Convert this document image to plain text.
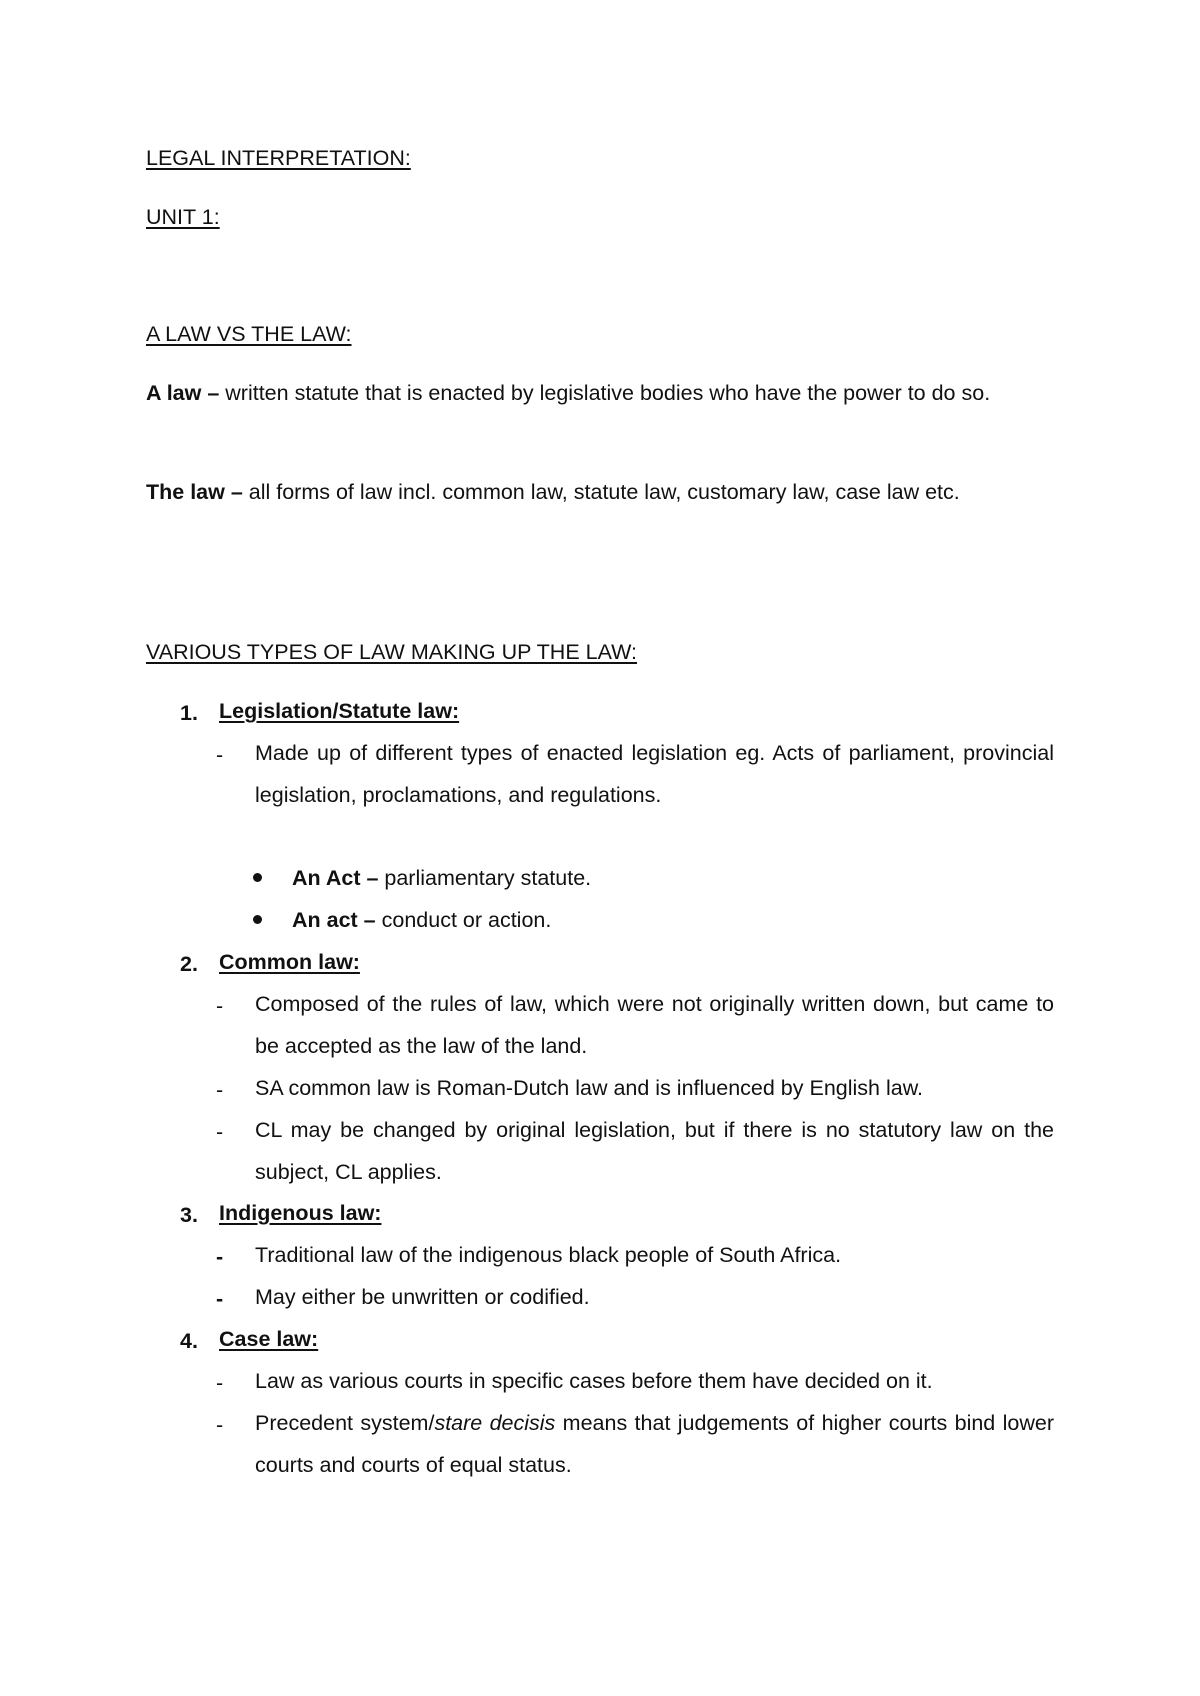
LEGAL INTERPRETATION:
UNIT 1:
A LAW VS THE LAW:
A law – written statute that is enacted by legislative bodies who have the power to do so.
The law – all forms of law incl. common law, statute law, customary law, case law etc.
VARIOUS TYPES OF LAW MAKING UP THE LAW:
1. Legislation/Statute law:
- Made up of different types of enacted legislation eg. Acts of parliament, provincial legislation, proclamations, and regulations.
An Act – parliamentary statute.
An act – conduct or action.
2. Common law:
- Composed of the rules of law, which were not originally written down, but came to be accepted as the law of the land.
- SA common law is Roman-Dutch law and is influenced by English law.
- CL may be changed by original legislation, but if there is no statutory law on the subject, CL applies.
3. Indigenous law:
- Traditional law of the indigenous black people of South Africa.
- May either be unwritten or codified.
4. Case law:
- Law as various courts in specific cases before them have decided on it.
- Precedent system/stare decisis means that judgements of higher courts bind lower courts and courts of equal status.
